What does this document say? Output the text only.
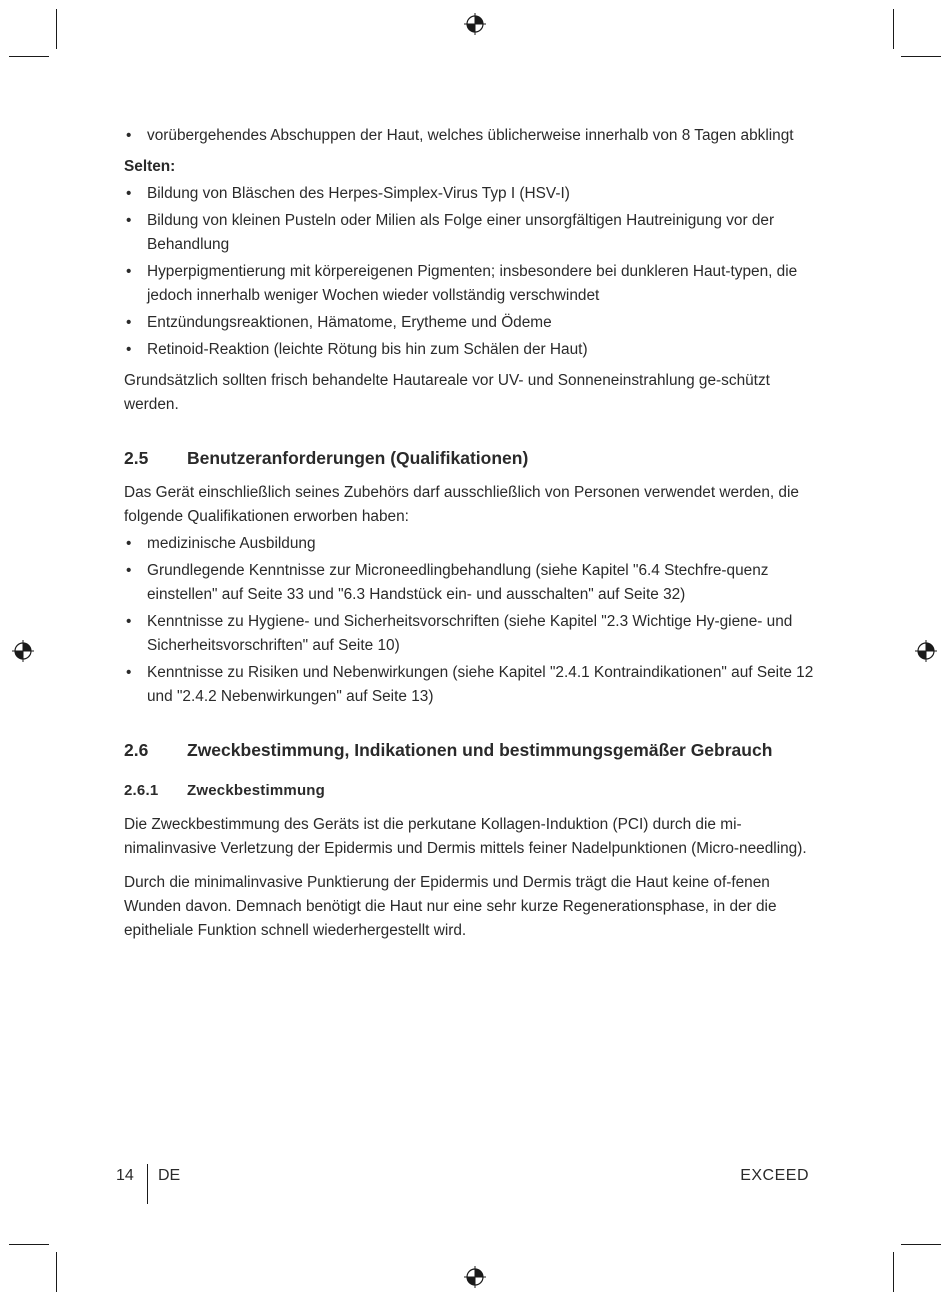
• vorübergehendes Abschuppen der Haut, welches üblicherweise innerhalb von 8 Tagen abklingt

Selten:

• Bildung von Bläschen des Herpes-Simplex-Virus Typ I (HSV-I)
• Bildung von kleinen Pusteln oder Milien als Folge einer unsorgfältigen Hautreinigung vor der Behandlung
• Hyperpigmentierung mit körpereigenen Pigmenten; insbesondere bei dunkleren Haut-typen, die jedoch innerhalb weniger Wochen wieder vollständig verschwindet
• Entzündungsreaktionen, Hämatome, Erytheme und Ödeme
• Retinoid-Reaktion (leichte Rötung bis hin zum Schälen der Haut)

Grundsätzlich sollten frisch behandelte Hautareale vor UV- und Sonneneinstrahlung ge-schützt werden.

2.5	Benutzeranforderungen (Qualifikationen)

Das Gerät einschließlich seines Zubehörs darf ausschließlich von Personen verwendet werden, die folgende Qualifikationen erworben haben:

• medizinische Ausbildung
• Grundlegende Kenntnisse zur Microneedlingbehandlung (siehe Kapitel "6.4 Stechfre-quenz einstellen" auf Seite 33 und "6.3 Handstück ein- und ausschalten" auf Seite 32)
• Kenntnisse zu Hygiene- und Sicherheitsvorschriften (siehe Kapitel "2.3 Wichtige Hy-giene- und Sicherheitsvorschriften" auf Seite 10)
• Kenntnisse zu Risiken und Nebenwirkungen (siehe Kapitel "2.4.1 Kontraindikationen" auf Seite 12 und "2.4.2 Nebenwirkungen" auf Seite 13)
2.6	Zweckbestimmung, Indikationen und bestimmungsgemäßer Gebrauch
2.6.1	Zweckbestimmung

Die Zweckbestimmung des Geräts ist die perkutane Kollagen-Induktion (PCI) durch die mi-nimalinvasive Verletzung der Epidermis und Dermis mittels feiner Nadelpunktionen (Micro-needling).

Durch die minimalinvasive Punktierung der Epidermis und Dermis trägt die Haut keine of-fenen Wunden davon. Demnach benötigt die Haut nur eine sehr kurze Regenerationsphase, in der die epitheliale Funktion schnell wiederhergestellt wird.

14 DE	EXCEED
